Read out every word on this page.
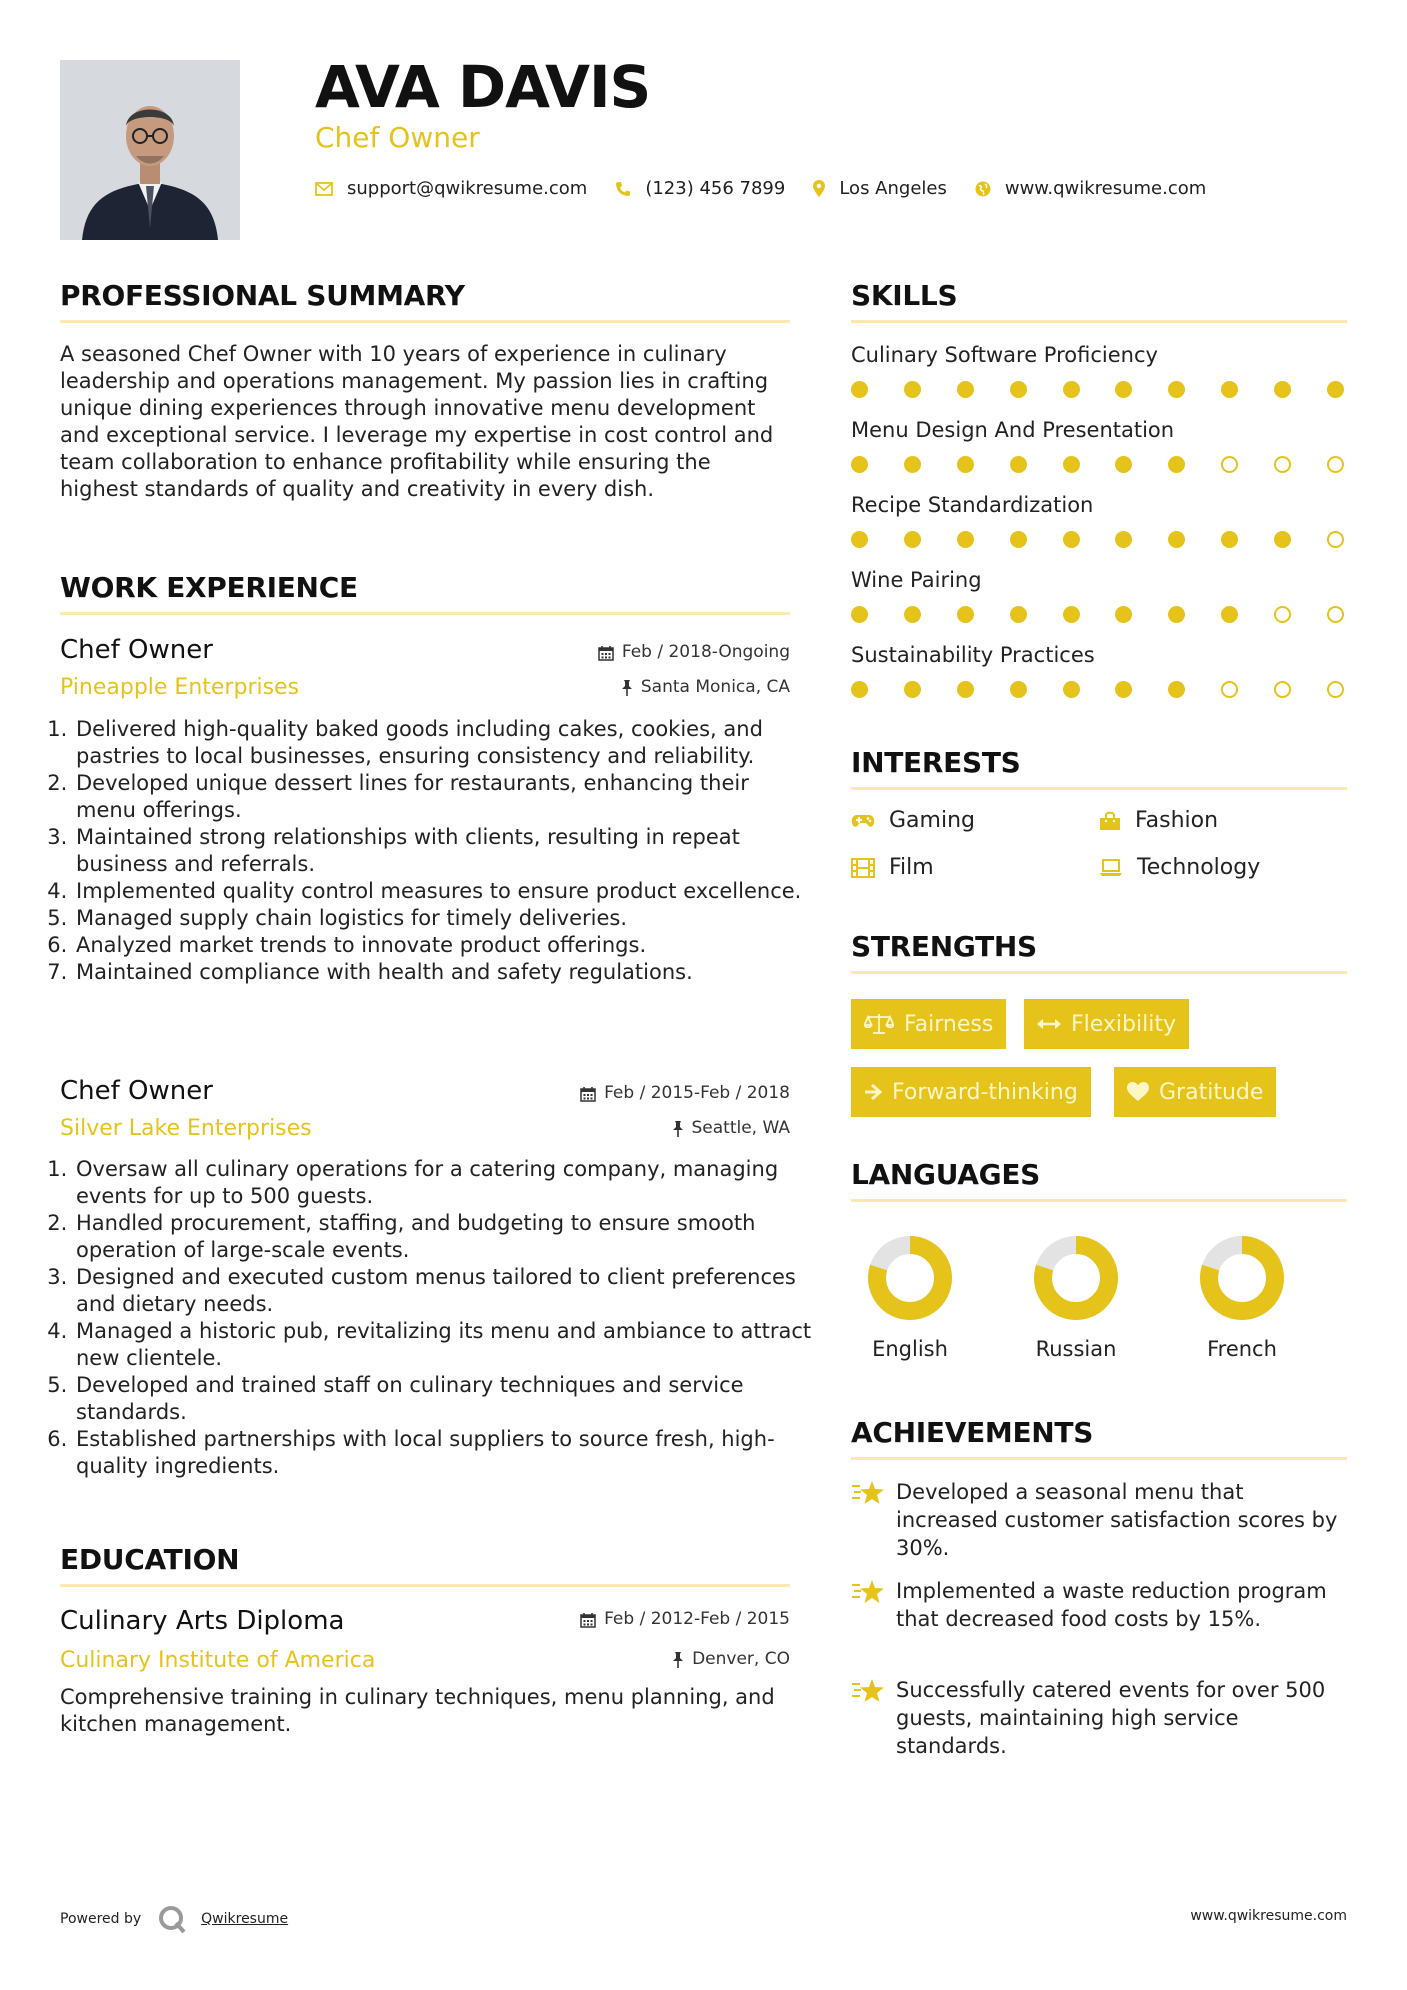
AVA DAVIS
Chef Owner
support@qwikresume.com	(123) 456 7899	Los Angeles	www.qwikresume.com
PROFESSIONAL SUMMARY
A seasoned Chef Owner with 10 years of experience in culinary leadership and operations management. My passion lies in crafting unique dining experiences through innovative menu development and exceptional service. I leverage my expertise in cost control and team collaboration to enhance profitability while ensuring the highest standards of quality and creativity in every dish.
WORK EXPERIENCE
Chef Owner	Feb / 2018-Ongoing
Pineapple Enterprises	Santa Monica, CA
1. Delivered high-quality baked goods including cakes, cookies, and pastries to local businesses, ensuring consistency and reliability.
2. Developed unique dessert lines for restaurants, enhancing their menu offerings.
3. Maintained strong relationships with clients, resulting in repeat business and referrals.
4. Implemented quality control measures to ensure product excellence.
5. Managed supply chain logistics for timely deliveries.
6. Analyzed market trends to innovate product offerings.
7. Maintained compliance with health and safety regulations.
Chef Owner	Feb / 2015-Feb / 2018
Silver Lake Enterprises	Seattle, WA
1. Oversaw all culinary operations for a catering company, managing events for up to 500 guests.
2. Handled procurement, staffing, and budgeting to ensure smooth operation of large-scale events.
3. Designed and executed custom menus tailored to client preferences and dietary needs.
4. Managed a historic pub, revitalizing its menu and ambiance to attract new clientele.
5. Developed and trained staff on culinary techniques and service standards.
6. Established partnerships with local suppliers to source fresh, high-quality ingredients.
EDUCATION
Culinary Arts Diploma	Feb / 2012-Feb / 2015
Culinary Institute of America	Denver, CO
Comprehensive training in culinary techniques, menu planning, and kitchen management.
SKILLS
Culinary Software Proficiency
Menu Design And Presentation
Recipe Standardization
Wine Pairing
Sustainability Practices
INTERESTS
Gaming	Fashion
Film	Technology
STRENGTHS
Fairness	Flexibility
Forward-thinking	Gratitude
LANGUAGES
English	Russian	French
ACHIEVEMENTS
Developed a seasonal menu that increased customer satisfaction scores by 30%.
Implemented a waste reduction program that decreased food costs by 15%.
Successfully catered events for over 500 guests, maintaining high service standards.
Powered by	Qwikresume	www.qwikresume.com
